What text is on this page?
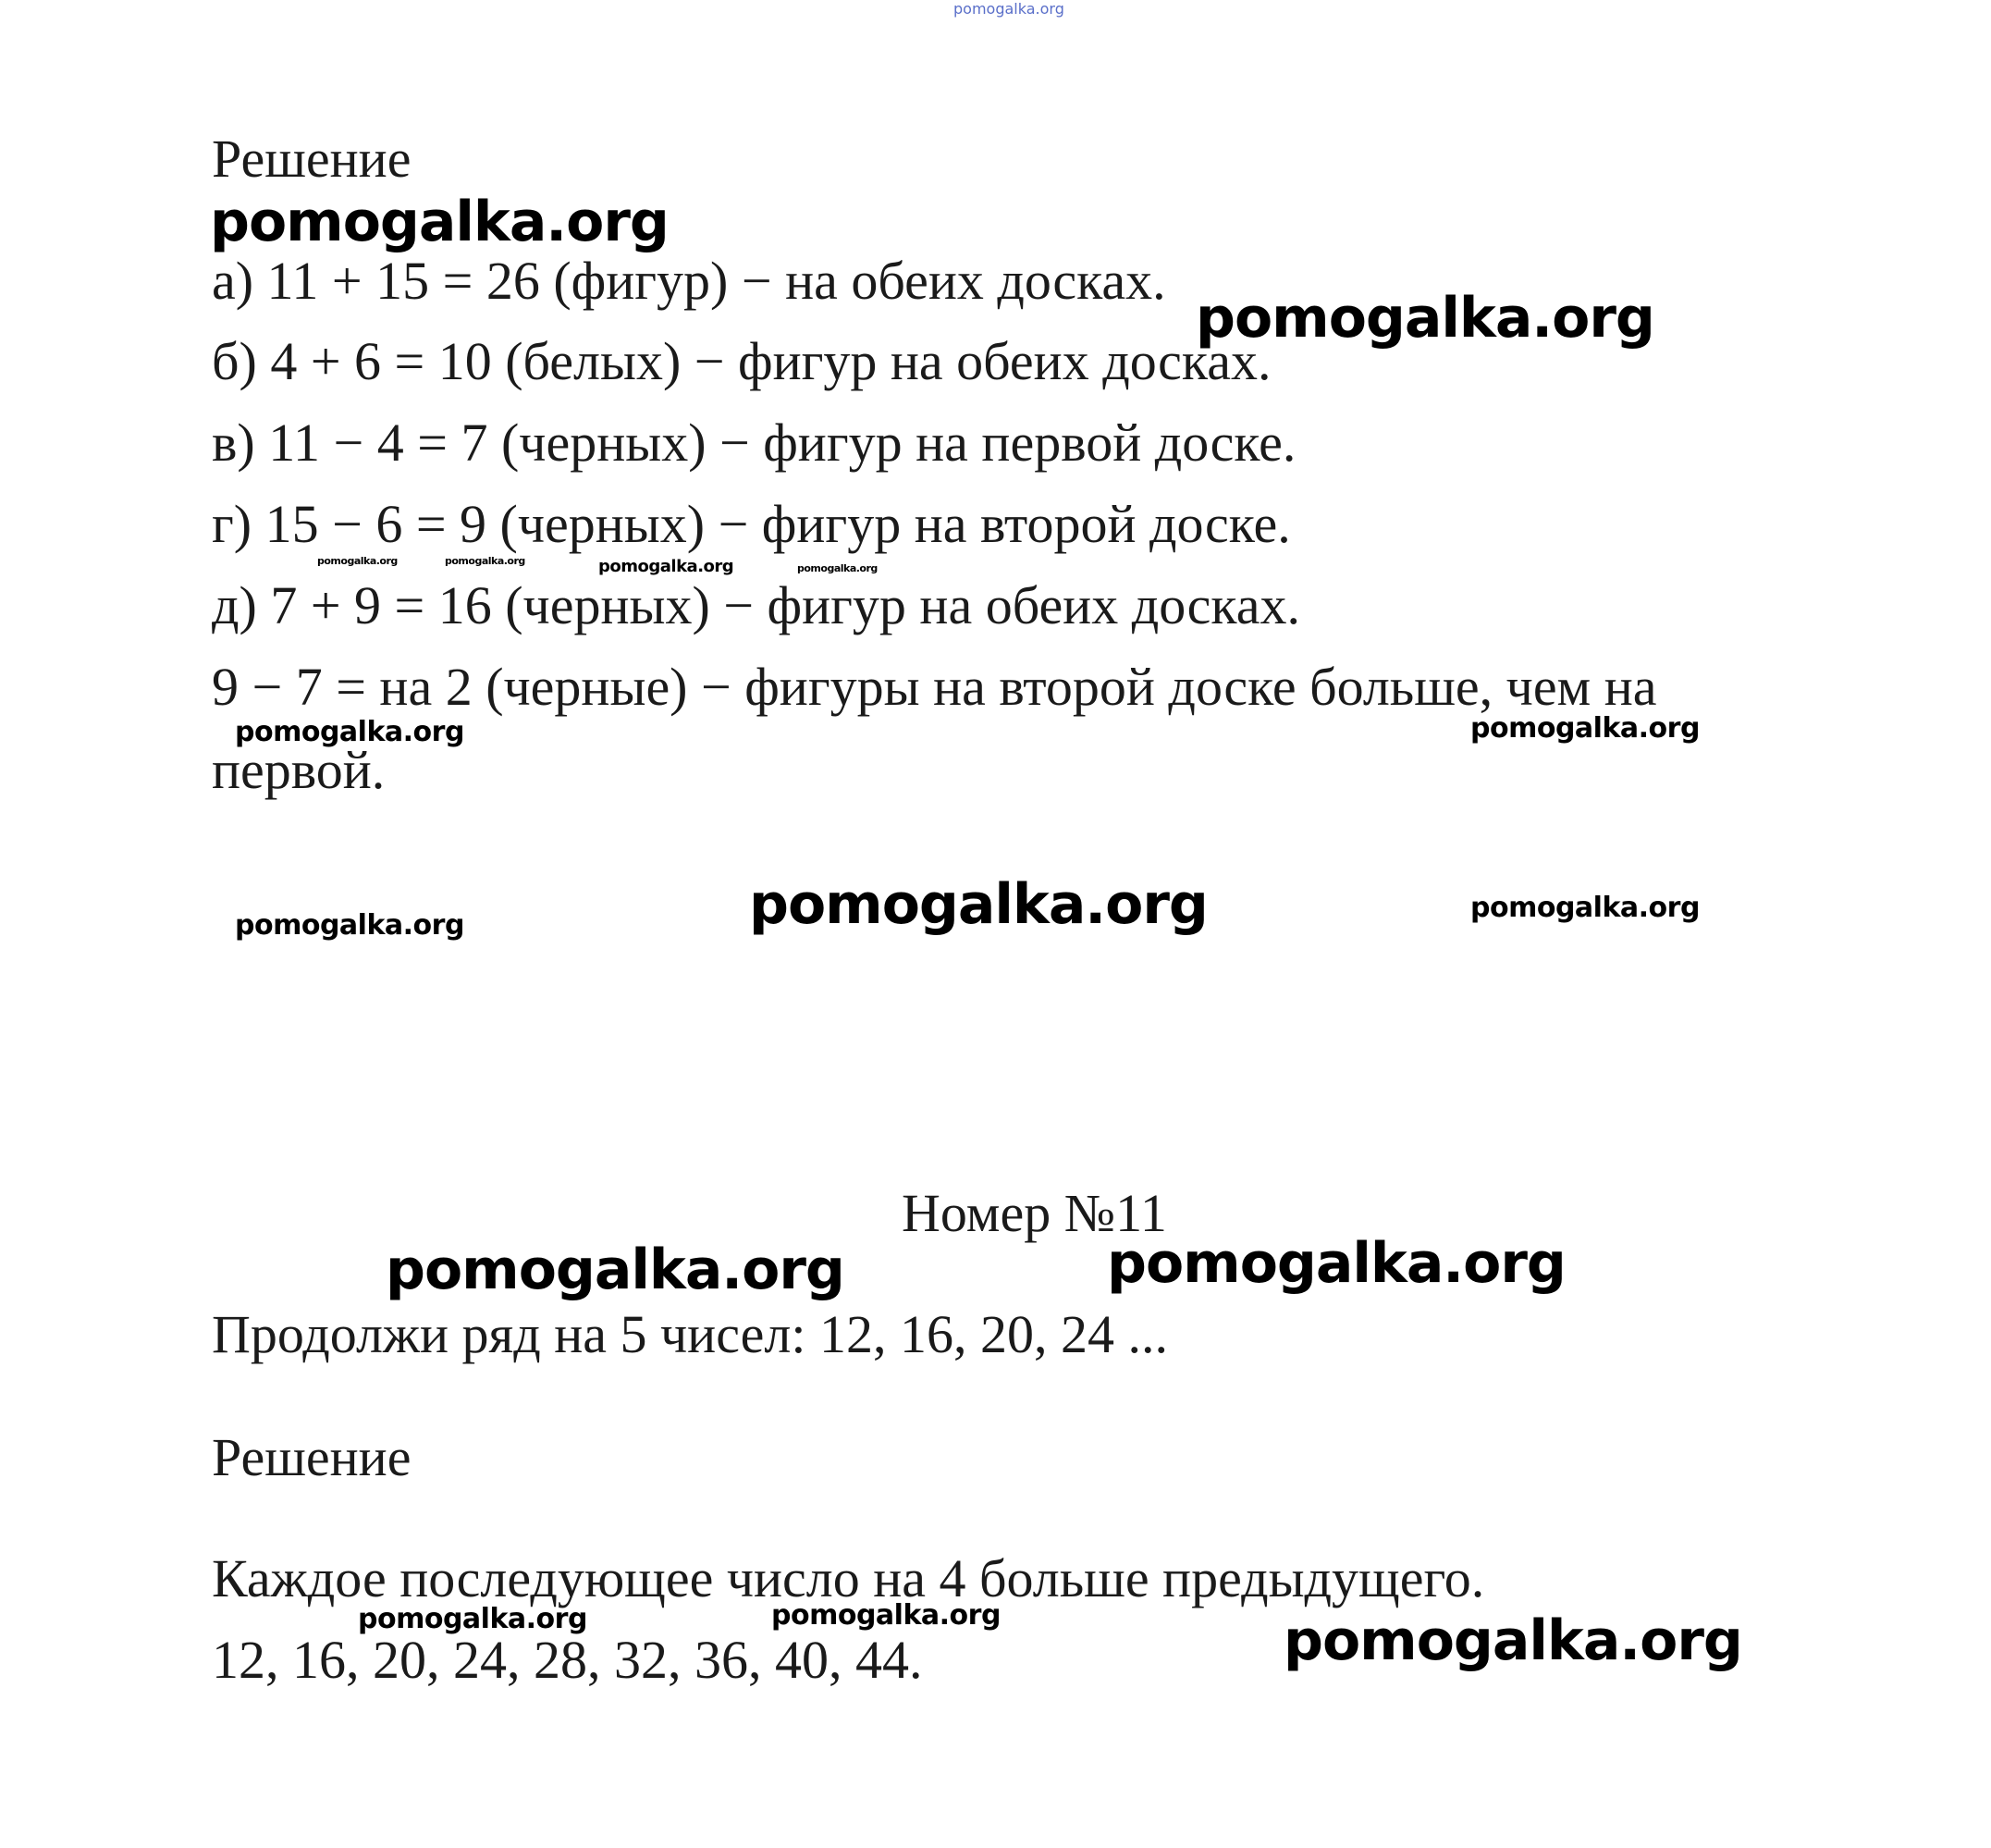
pomogalka.org
Решение
а) 11 + 15 = 26 (фигур) − на обеих досках.
б) 4 + 6 = 10 (белых) − фигур на обеих досках.
в) 11 − 4 = 7 (черных) − фигур на первой доске.
г) 15 − 6 = 9 (черных) − фигур на второй доске.
д) 7 + 9 = 16 (черных) − фигур на обеих досках.
9 − 7 = на 2 (черные) − фигуры на второй доске больше, чем на
первой.
Номер №11
Продолжи ряд на 5 чисел: 12, 16, 20, 24 ...
Решение
Каждое последующее число на 4 больше предыдущего.
12, 16, 20, 24, 28, 32, 36, 40, 44.
pomogalka.org
pomogalka.org
pomogalka.org	pomogalka.org	pomogalka.org	pomogalka.org
pomogalka.org	pomogalka.org
pomogalka.org	pomogalka.org	pomogalka.org
pomogalka.org	pomogalka.org
pomogalka.org	pomogalka.org	pomogalka.org
